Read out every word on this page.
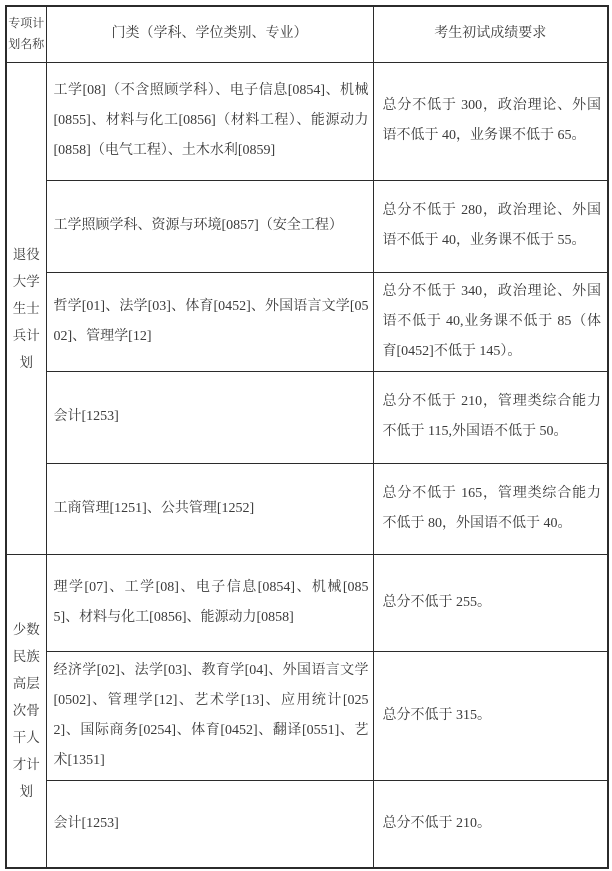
专项计划名称	门类（学科、学位类别、专业）	考生初试成绩要求
退役大学生士兵计划	工学[08]（不含照顾学科）、电子信息[0854]、机械[0855]、材料与化工[0856]（材料工程）、能源动力[0858]（电气工程）、土木水利[0859]	总分不低于 300，政治理论、外国语不低于 40，业务课不低于 65。
	工学照顾学科、资源与环境[0857]（安全工程）	总分不低于 280，政治理论、外国语不低于 40，业务课不低于 55。
	哲学[01]、法学[03]、体育[0452]、外国语言文学[0502]、管理学[12]	总分不低于 340，政治理论、外国语不低于 40,业务课不低于 85（体育[0452]不低于 145）。
	会计[1253]	总分不低于 210，管理类综合能力不低于 115,外国语不低于 50。
	工商管理[1251]、公共管理[1252]	总分不低于 165，管理类综合能力不低于 80，外国语不低于 40。
少数民族高层次骨干人才计划	理学[07]、工学[08]、电子信息[0854]、机械[0855]、材料与化工[0856]、能源动力[0858]	总分不低于 255。
	经济学[02]、法学[03]、教育学[04]、外国语言文学[0502]、管理学[12]、艺术学[13]、应用统计[0252]、国际商务[0254]、体育[0452]、翻译[0551]、艺术[1351]	总分不低于 315。
	会计[1253]	总分不低于 210。
